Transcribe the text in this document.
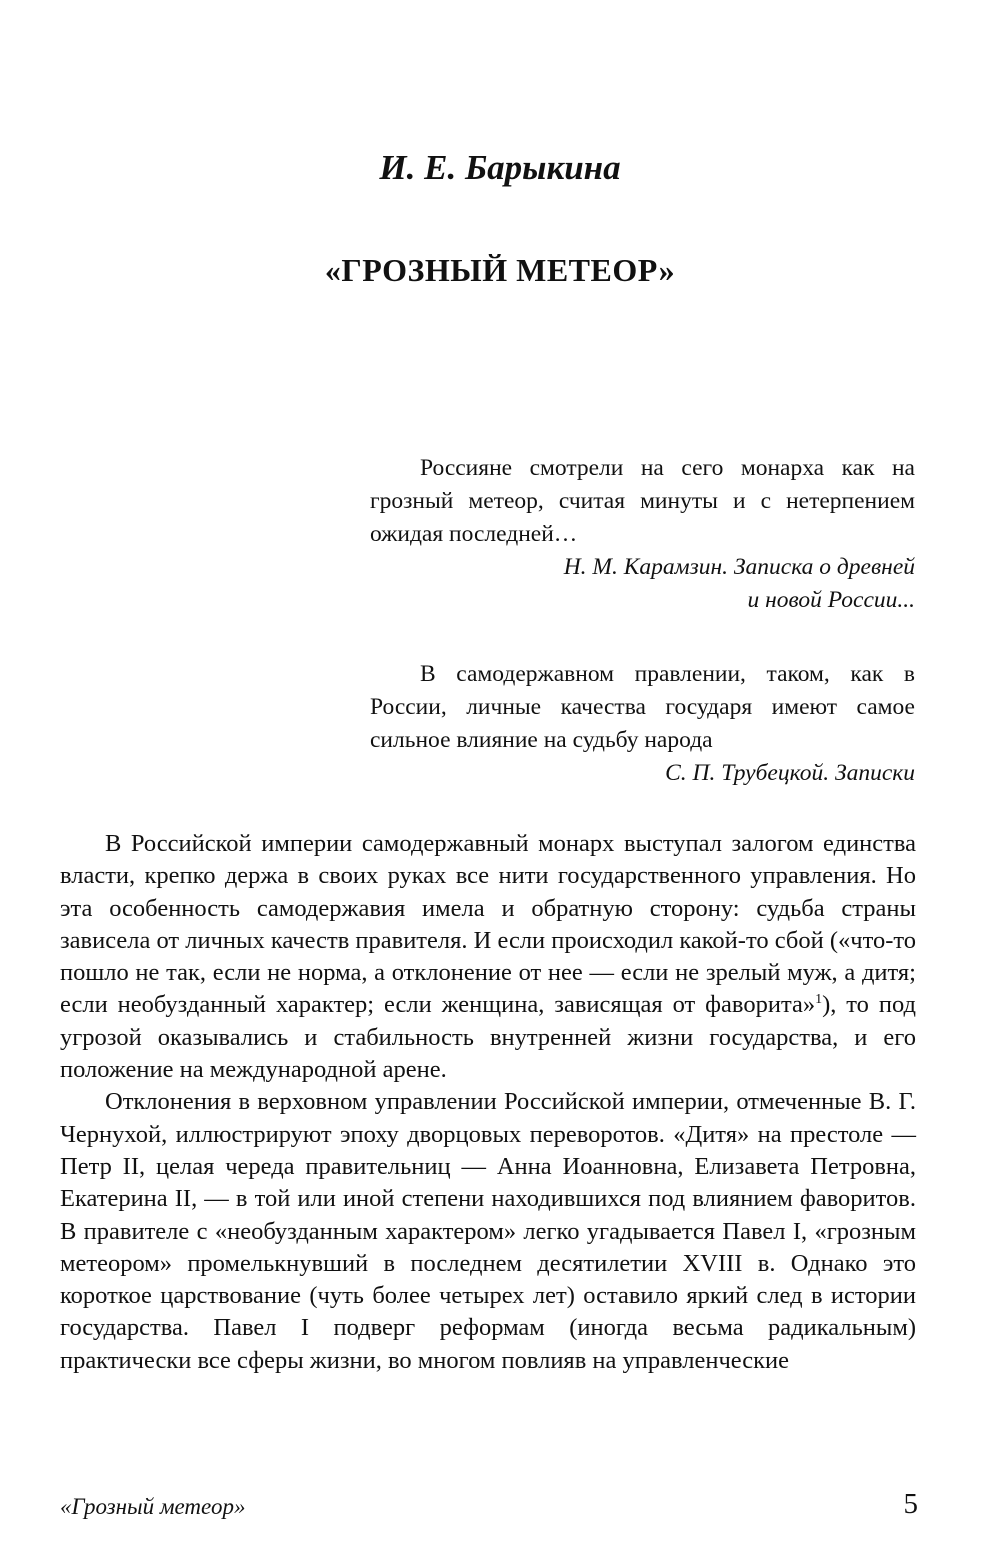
И. Е. Барыкина
«ГРОЗНЫЙ МЕТЕОР»

Россияне смотрели на сего монарха как на грозный метеор, считая минуты и с нетерпением ожидая последней…

Н. М. Карамзин. Записка о древней

и новой России...

В самодержавном правлении, таком, как в России, личные качества государя имеют самое сильное влияние на судьбу народа

С. П. Трубецкой. Записки

В Российской империи самодержавный монарх выступал залогом единства власти, крепко держа в своих руках все нити государственного управления. Но эта особенность самодержавия имела и обратную сторону: судьба страны зависела от личных качеств правителя. И если происходил какой-то сбой («что-то пошло не так, если не норма, а отклонение от нее — если не зрелый муж, а дитя; если необузданный характер; если женщина, зависящая от фаворита»$^1$), то под угрозой оказывались и стабильность внутренней жизни государства, и его положение на международной арене.

Отклонения в верховном управлении Российской империи, отмеченные В. Г. Чернухой, иллюстрируют эпоху дворцовых переворотов. «Дитя» на престоле — Петр II, целая череда правительниц — Анна Иоанновна, Елизавета Петровна, Екатерина II, — в той или иной степени находившихся под влиянием фаворитов. В правителе с «необузданным характером» легко угадывается Павел I, «грозным метеором» промелькнувший в последнем десятилетии XVIII в. Однако это короткое царствование (чуть более четырех лет) оставило яркий след в истории государства. Павел I подверг реформам (иногда весьма радикальным) практически все сферы жизни, во многом повлияв на управленческие

«Грозный метеор»	5
